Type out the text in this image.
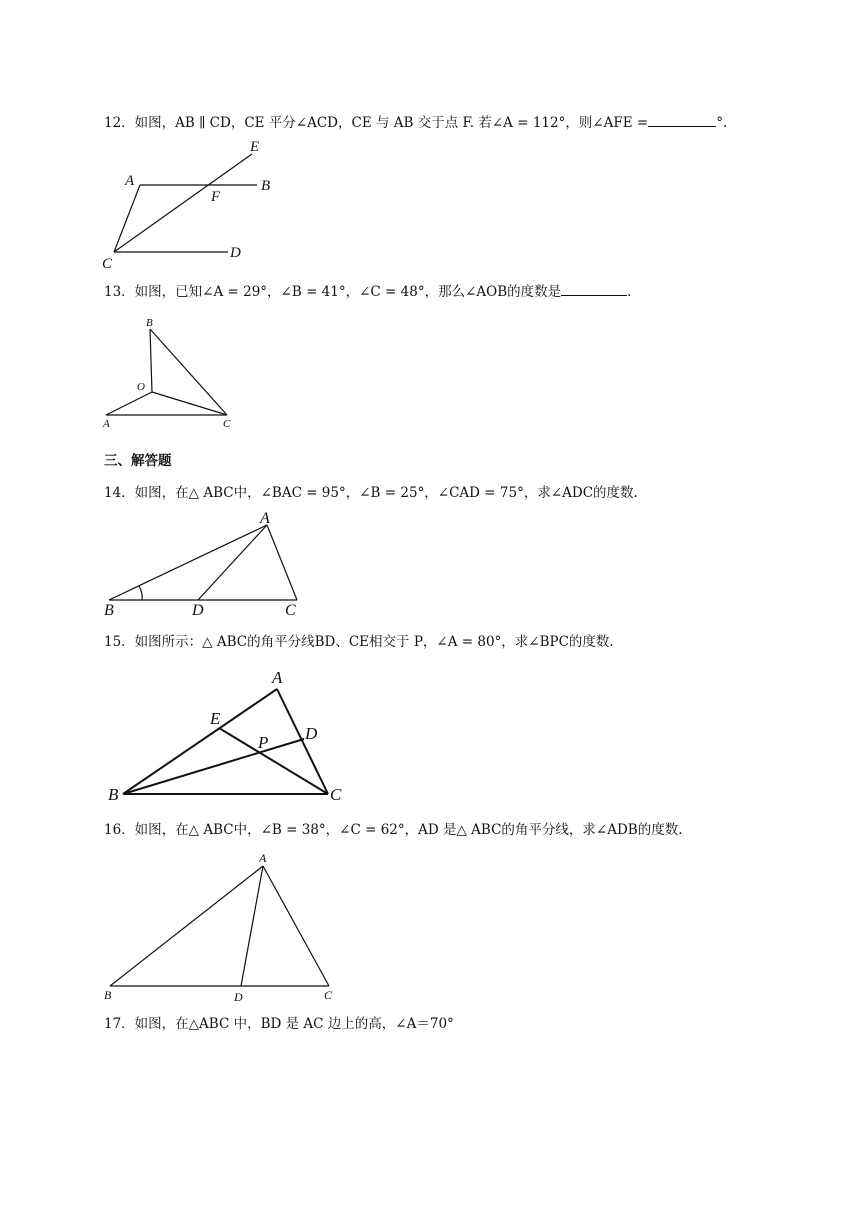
12．如图，AB ∥ CD，CE 平分∠ACD，CE 与 AB 交于点 F. 若∠A = 112°，则∠AFE =	°.
E
A	B
F
D
C
13．如图，已知∠A = 29°，∠B = 41°，∠C = 48°，那么∠AOB的度数是	.
B
O
A	C
三、解答题
14．如图，在△ ABC中，∠BAC = 95°，∠B = 25°，∠CAD = 75°，求∠ADC的度数.
A
B	D	C
15．如图所示：△ ABC的角平分线BD、CE相交于 P，∠A = 80°，求∠BPC的度数.
A
E
P D
B	C
16．如图，在△ ABC中，∠B = 38°，∠C = 62°，AD 是△ ABC的角平分线，求∠ADB的度数.
A
B	D	C
17．如图，在△ABC 中，BD 是 AC 边上的高，∠A＝70°
